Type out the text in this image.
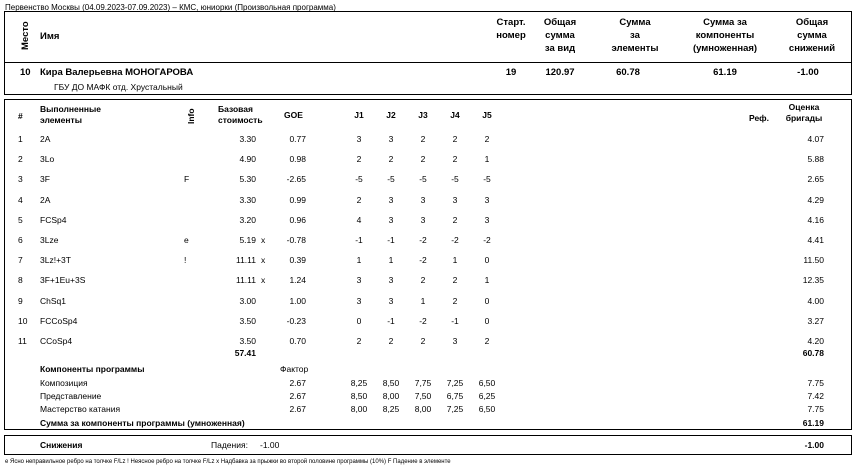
Первенство Москвы (04.09.2023-07.09.2023) – КМС, юниорки (Произвольная программа)
Место Имя
Старт.
номер
Общая
сумма
за вид
Сумма
за
элементы
Сумма за
компоненты
(умноженная)
Общая
сумма
снижений
10 Кира Валерьевна МОНОГАРОВА
ГБУ ДО МАФК отд. Хрустальный
19	120.97	60.78	61.19	-1.00
#
Выполненные
элементы	Info	Базовая
стоимость	GOE	J1	J2	J3	J4	J5	Реф.
Оценка
бригады
1 2A	3.30	0.77	3	3	2	2	2	4.07
2 3Lo	4.90	0.98	2	2	2	2	1	5.88
3 3F	F	5.30	-2.65	-5	-5	-5	-5	-5	2.65
4 2A	3.30	0.99	2	3	3	3	3	4.29
5 FCSp4	3.20	0.96	4	3	3	2	3	4.16
6 3Lze	e	5.19 x	-0.78	-1	-1	-2	-2	-2	4.41
7 3Lz!+3T	!	11.11 x	0.39	1	1	-2	1	0	11.50
8 3F+1Eu+3S	11.11 x	1.24	3	3	2	2	1	12.35
9 ChSq1	3.00	1.00	3	3	1	2	0	4.00
10 FCCoSp4	3.50	-0.23	0	-1	-2	-1	0	3.27
11 CCoSp4	3.50	0.70	2	2	2	3	2	4.20
57.41	60.78
Компоненты программы	Фактор
Композиция	2.67	8,25	8,50	7,75	7,25	6,50	7.75
Представление	2.67	8,50	8,00	7,50	6,75	6,25	7.42
Мастерство катания	2.67	8,00	8,25	8,00	7,25	6,50	7.75
Сумма за компоненты программы (умноженная)	61.19
Снижения	Падения: -1.00	-1.00
e Ясно неправильное ребро на толчке F/Lz ! Неясное ребро на толчке F/Lz x Надбавка за прыжки во второй половине программы (10%) F Падение в элементе
